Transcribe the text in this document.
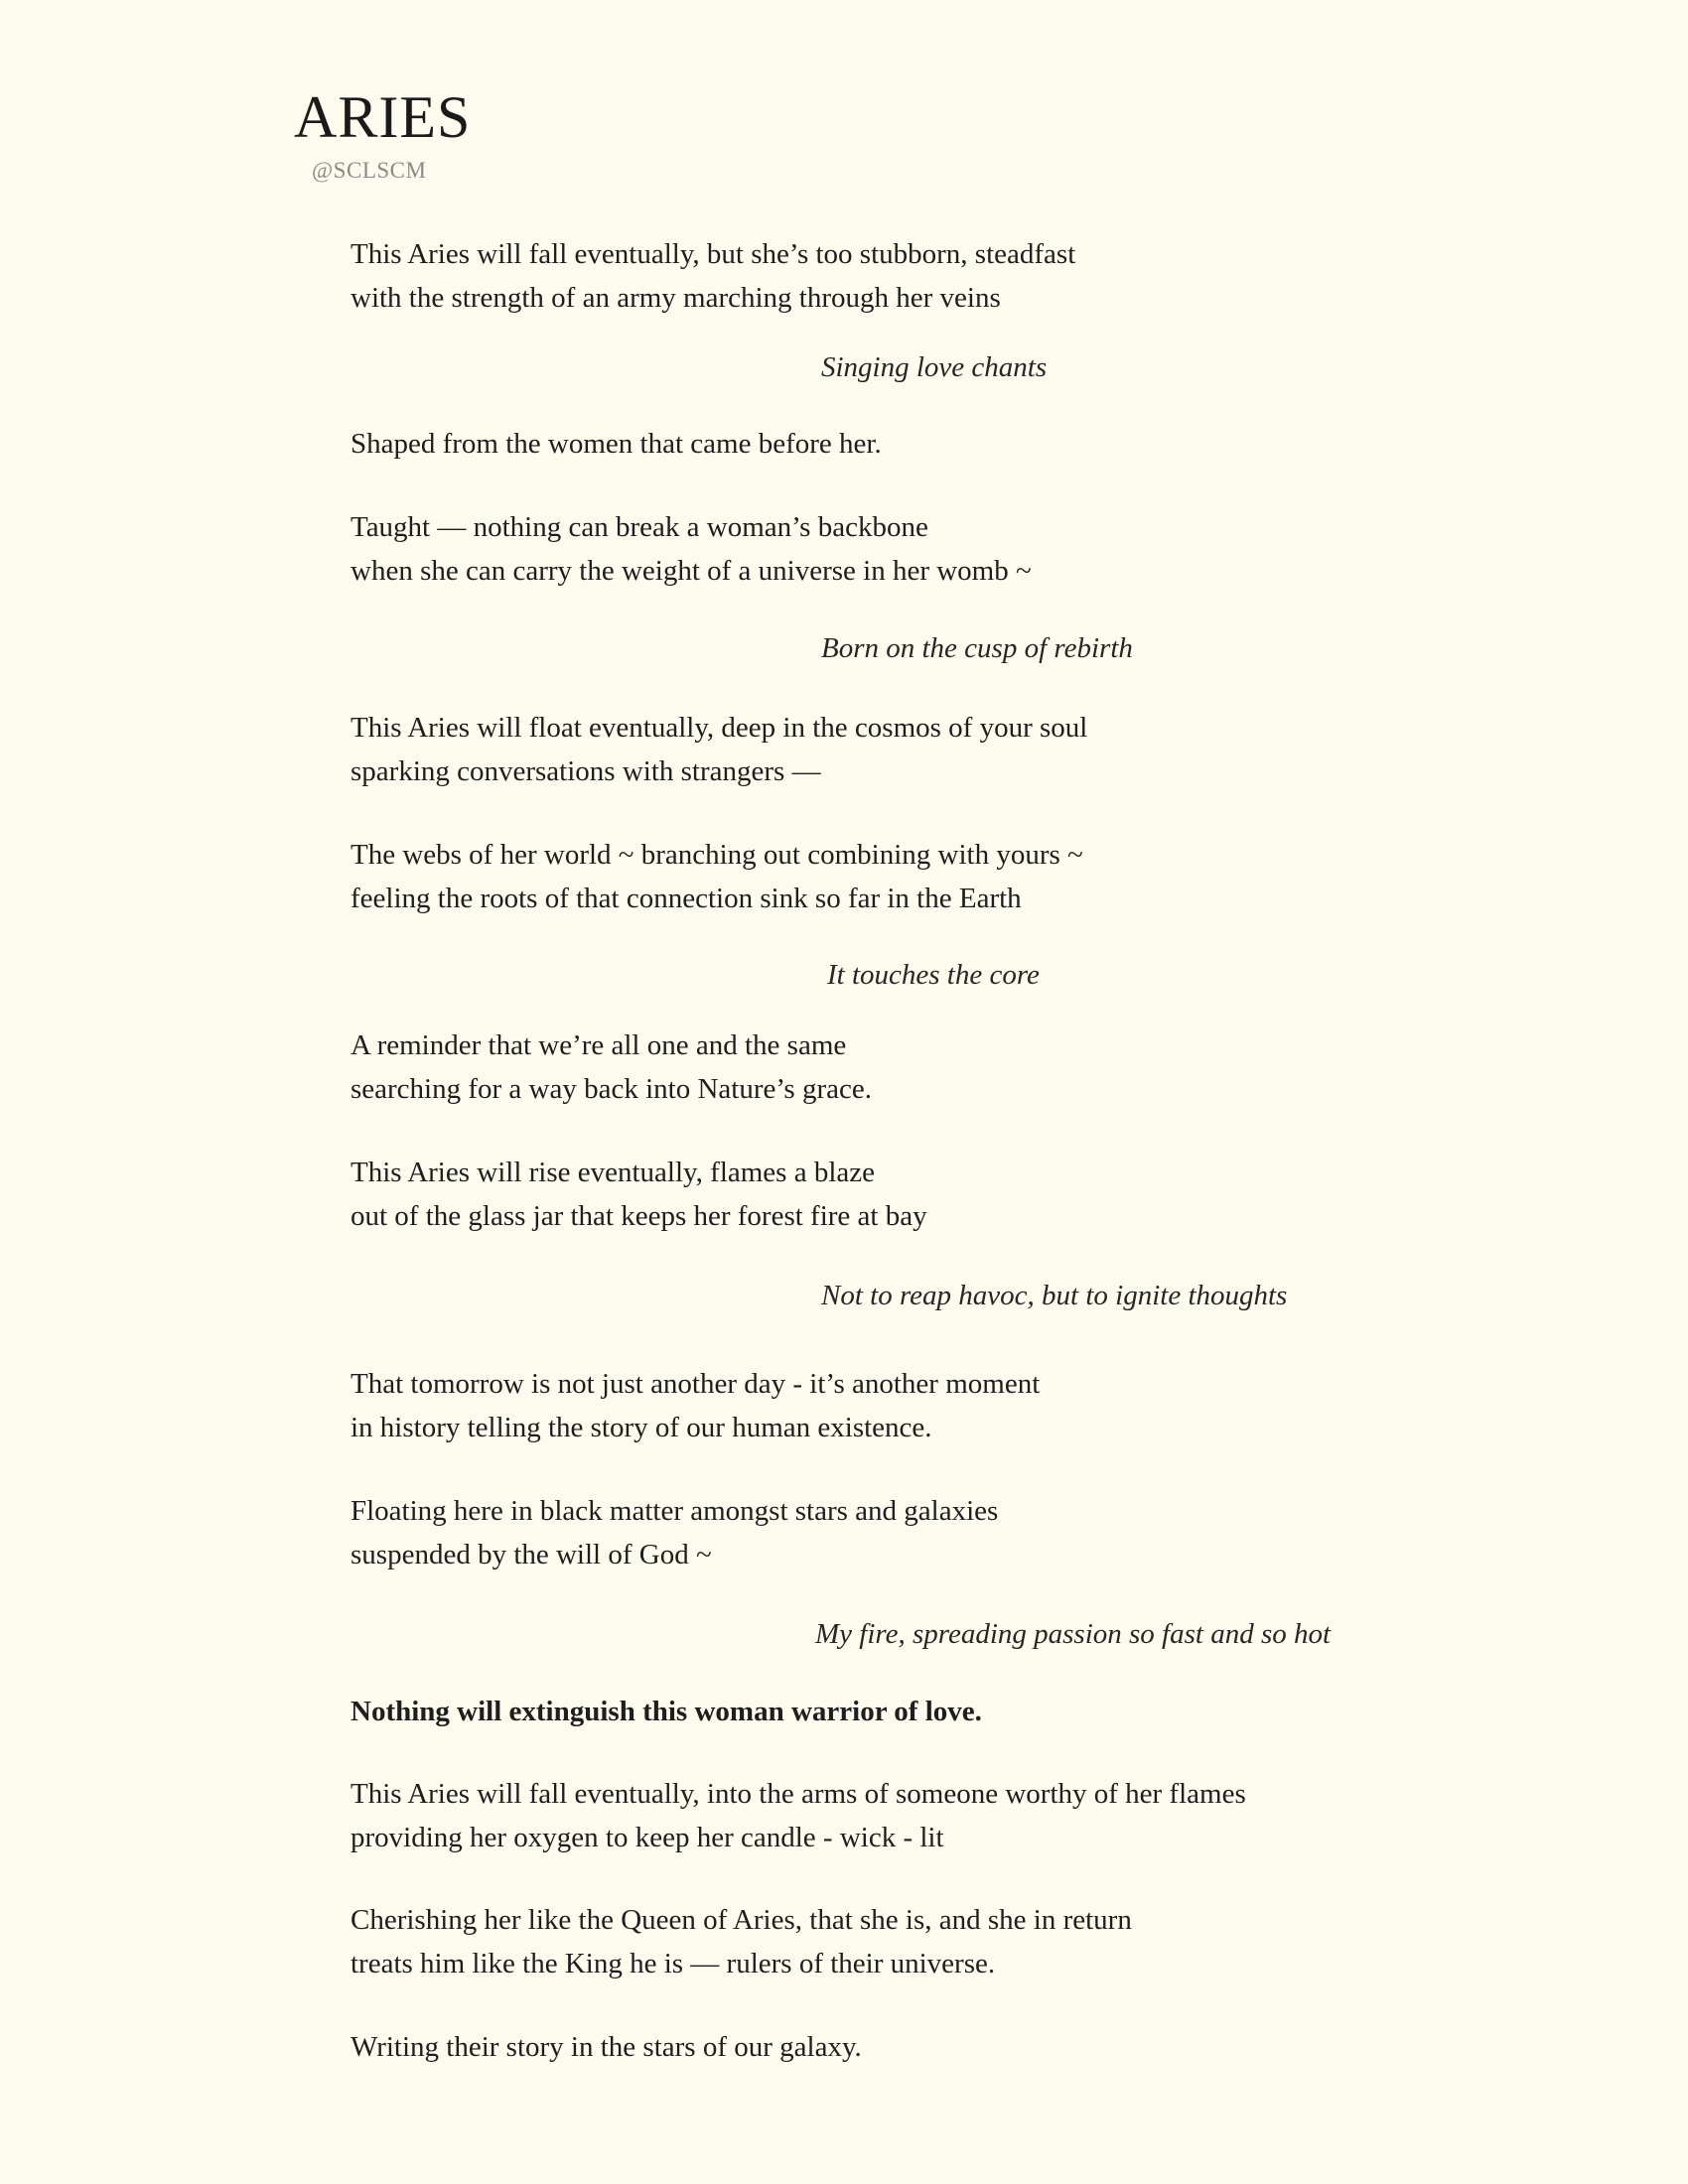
ARIES
@SCLSCM
This Aries will fall eventually, but she’s too stubborn, steadfast
with the strength of an army marching through her veins
Singing love chants
Shaped from the women that came before her.
Taught — nothing can break a woman’s backbone
when she can carry the weight of a universe in her womb ~
Born on the cusp of rebirth
This Aries will float eventually, deep in the cosmos of your soul
sparking conversations with strangers —
The webs of her world ~ branching out combining with yours ~
feeling the roots of that connection sink so far in the Earth
It touches the core
A reminder that we’re all one and the same
searching for a way back into Nature’s grace.
This Aries will rise eventually, flames a blaze
out of the glass jar that keeps her forest fire at bay
Not to reap havoc, but to ignite thoughts
That tomorrow is not just another day - it’s another moment
in history telling the story of our human existence.
Floating here in black matter amongst stars and galaxies
suspended by the will of God ~
My fire, spreading passion so fast and so hot
Nothing will extinguish this woman warrior of love.
This Aries will fall eventually, into the arms of someone worthy of her flames
providing her oxygen to keep her candle - wick - lit
Cherishing her like the Queen of Aries, that she is, and she in return
treats him like the King he is — rulers of their universe.
Writing their story in the stars of our galaxy.
